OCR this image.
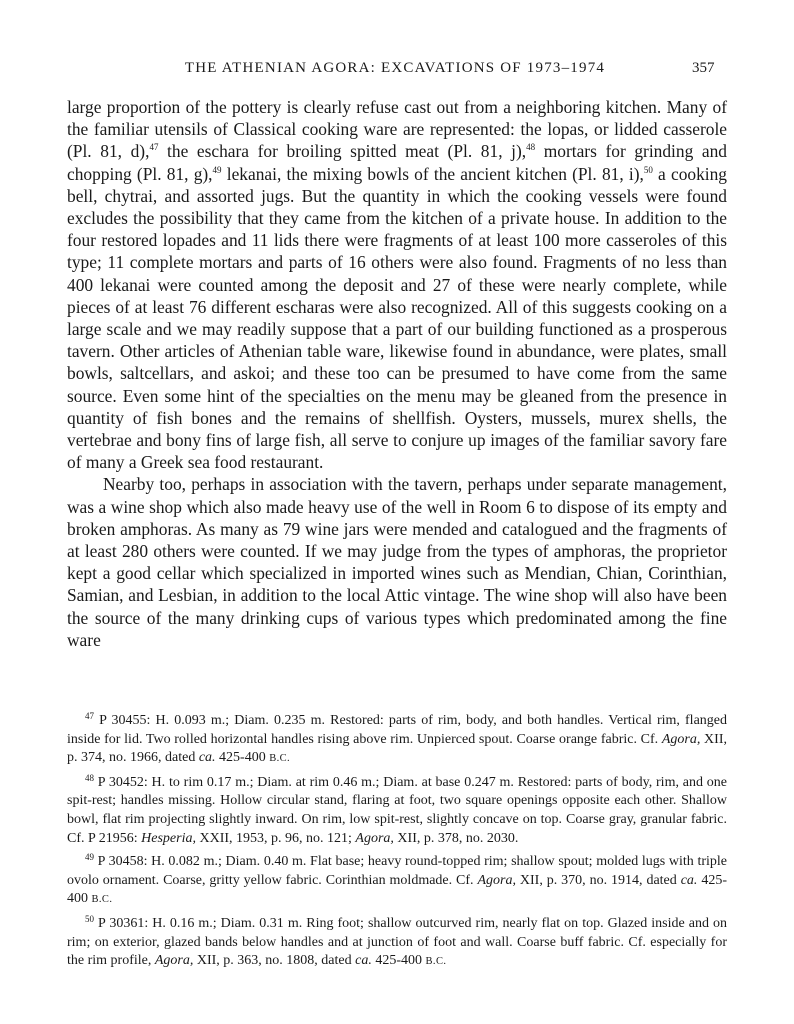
THE ATHENIAN AGORA: EXCAVATIONS OF 1973–1974	357

large proportion of the pottery is clearly refuse cast out from a neighboring kitchen. Many of the familiar utensils of Classical cooking ware are represented: the lopas, or lidded casserole (Pl. 81, d),$^{47}$ the eschara for broiling spitted meat (Pl. 81, j),$^{48}$ mortars for grinding and chopping (Pl. 81, g),$^{49}$ lekanai, the mixing bowls of the ancient kitchen (Pl. 81, i),$^{50}$ a cooking bell, chytrai, and assorted jugs. But the quantity in which the cooking vessels were found excludes the possibility that they came from the kitchen of a private house. In addition to the four restored lopades and 11 lids there were fragments of at least 100 more casseroles of this type; 11 complete mortars and parts of 16 others were also found. Fragments of no less than 400 lekanai were counted among the deposit and 27 of these were nearly complete, while pieces of at least 76 different escharas were also recognized. All of this suggests cooking on a large scale and we may readily suppose that a part of our building functioned as a prosperous tavern. Other articles of Athenian table ware, likewise found in abundance, were plates, small bowls, saltcellars, and askoi; and these too can be presumed to have come from the same source. Even some hint of the specialties on the menu may be gleaned from the presence in quantity of fish bones and the remains of shellfish. Oysters, mussels, murex shells, the vertebrae and bony fins of large fish, all serve to conjure up images of the familiar savory fare of many a Greek sea food restaurant.

Nearby too, perhaps in association with the tavern, perhaps under separate management, was a wine shop which also made heavy use of the well in Room 6 to dispose of its empty and broken amphoras. As many as 79 wine jars were mended and catalogued and the fragments of at least 280 others were counted. If we may judge from the types of amphoras, the proprietor kept a good cellar which specialized in imported wines such as Mendian, Chian, Corinthian, Samian, and Lesbian, in addition to the local Attic vintage. The wine shop will also have been the source of the many drinking cups of various types which predominated among the fine ware

$^{47}$ P 30455: H. 0.093 m.; Diam. 0.235 m. Restored: parts of rim, body, and both handles. Vertical rim, flanged inside for lid. Two rolled horizontal handles rising above rim. Unpierced spout. Coarse orange fabric. Cf. Agora, XII, p. 374, no. 1966, dated ca. 425-400 B.C.

$^{48}$ P 30452: H. to rim 0.17 m.; Diam. at rim 0.46 m.; Diam. at base 0.247 m. Restored: parts of body, rim, and one spit-rest; handles missing. Hollow circular stand, flaring at foot, two square openings opposite each other. Shallow bowl, flat rim projecting slightly inward. On rim, low spit-rest, slightly concave on top. Coarse gray, granular fabric. Cf. P 21956: Hesperia, XXII, 1953, p. 96, no. 121; Agora, XII, p. 378, no. 2030.

$^{49}$ P 30458: H. 0.082 m.; Diam. 0.40 m. Flat base; heavy round-topped rim; shallow spout; molded lugs with triple ovolo ornament. Coarse, gritty yellow fabric. Corinthian moldmade. Cf. Agora, XII, p. 370, no. 1914, dated ca. 425-400 B.C.

$^{50}$ P 30361: H. 0.16 m.; Diam. 0.31 m. Ring foot; shallow outcurved rim, nearly flat on top. Glazed inside and on rim; on exterior, glazed bands below handles and at junction of foot and wall. Coarse buff fabric. Cf. especially for the rim profile, Agora, XII, p. 363, no. 1808, dated ca. 425-400 B.C.
